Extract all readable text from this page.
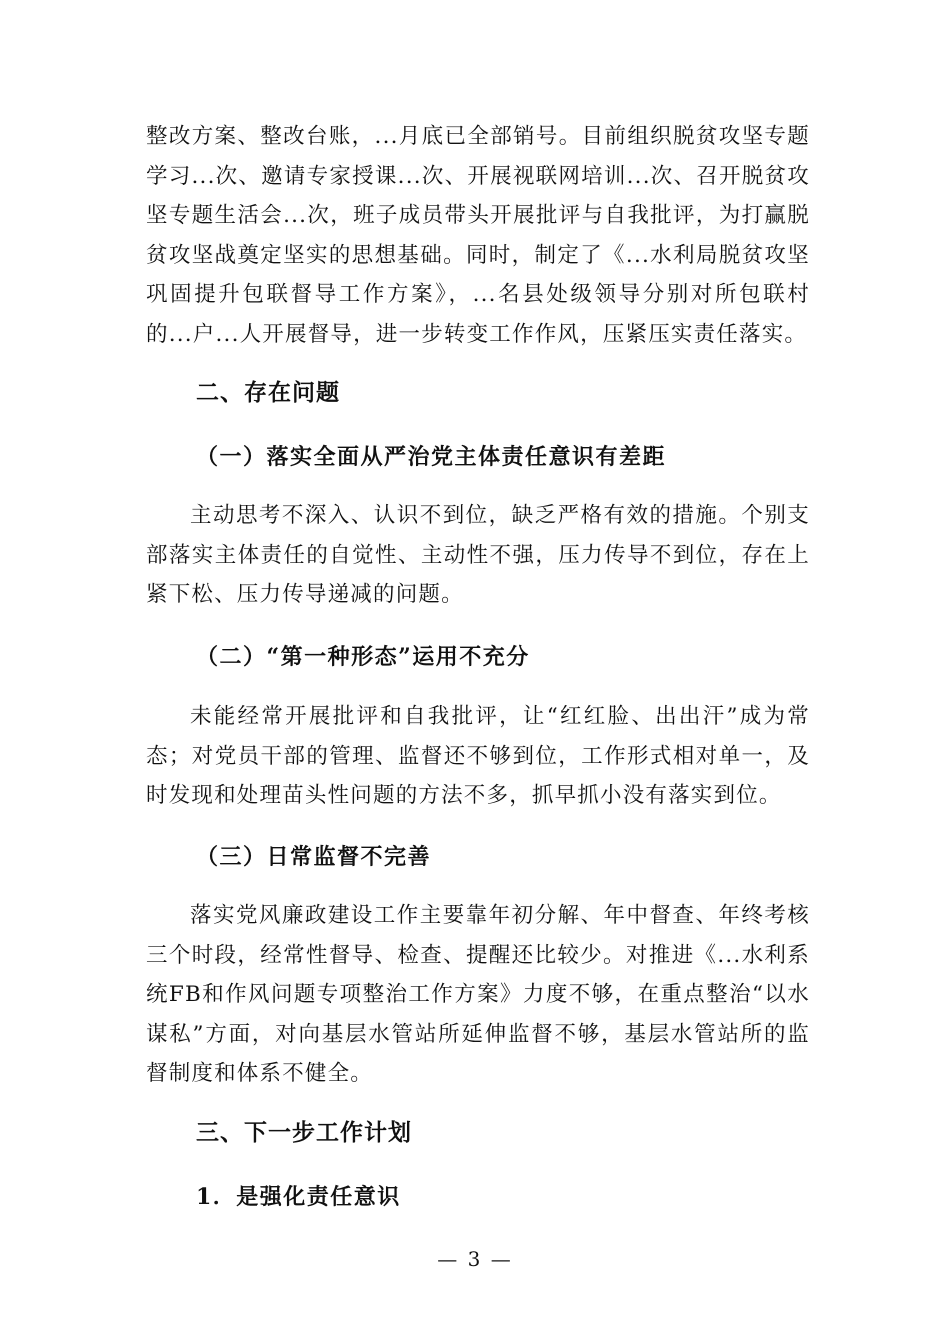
整改方案、整改台账，...月底已全部销号。目前组织脱贫攻坚专题学习...次、邀请专家授课...次、开展视联网培训...次、召开脱贫攻坚专题生活会...次，班子成员带头开展批评与自我批评，为打赢脱贫攻坚战奠定坚实的思想基础。同时，制定了《...水利局脱贫攻坚巩固提升包联督导工作方案》，...名县处级领导分别对所包联村的...户...人开展督导，进一步转变工作作风，压紧压实责任落实。

二、存在问题
（一）落实全面从严治党主体责任意识有差距

主动思考不深入、认识不到位，缺乏严格有效的措施。个别支部落实主体责任的自觉性、主动性不强，压力传导不到位，存在上紧下松、压力传导递减的问题。

（二）“第一种形态”运用不充分

未能经常开展批评和自我批评，让“红红脸、出出汗”成为常态；对党员干部的管理、监督还不够到位，工作形式相对单一，及时发现和处理苗头性问题的方法不多，抓早抓小没有落实到位。

（三）日常监督不完善

落实党风廉政建设工作主要靠年初分解、年中督查、年终考核三个时段，经常性督导、检查、提醒还比较少。对推进《...水利系统FB和作风问题专项整治工作方案》力度不够，在重点整治“以水谋私”方面，对向基层水管站所延伸监督不够，基层水管站所的监督制度和体系不健全。

三、下一步工作计划
1．是强化责任意识
— 3 —
